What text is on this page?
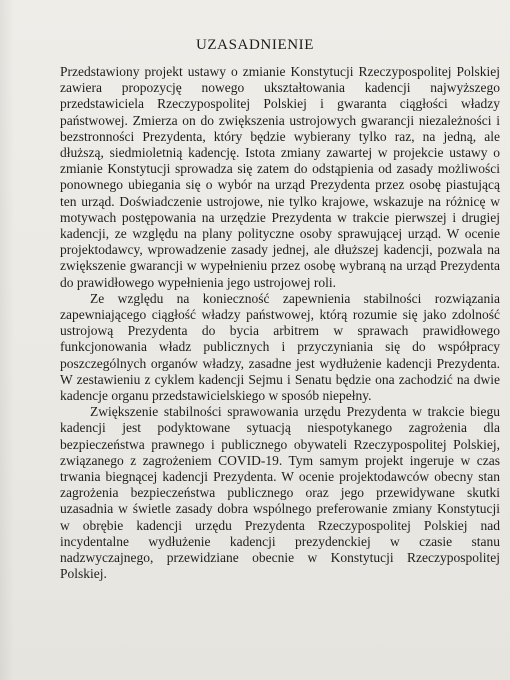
UZASADNIENIE

Przedstawiony projekt ustawy o zmianie Konstytucji Rzeczypospolitej Polskiej zawiera propozycję nowego ukształtowania kadencji najwyższego przedstawiciela Rzeczypospolitej Polskiej i gwaranta ciągłości władzy państwowej. Zmierza on do zwiększenia ustrojowych gwarancji niezależności i bezstronności Prezydenta, który będzie wybierany tylko raz, na jedną, ale dłuższą, siedmioletnią kadencję. Istota zmiany zawartej w projekcie ustawy o zmianie Konstytucji sprowadza się zatem do odstąpienia od zasady możliwości ponownego ubiegania się o wybór na urząd Prezydenta przez osobę piastującą ten urząd. Doświadczenie ustrojowe, nie tylko krajowe, wskazuje na różnicę w motywach postępowania na urzędzie Prezydenta w trakcie pierwszej i drugiej kadencji, ze względu na plany polityczne osoby sprawującej urząd. W ocenie projektodawcy, wprowadzenie zasady jednej, ale dłuższej kadencji, pozwala na zwiększenie gwarancji w wypełnieniu przez osobę wybraną na urząd Prezydenta do prawidłowego wypełnienia jego ustrojowej roli.

Ze względu na konieczność zapewnienia stabilności rozwiązania zapewniającego ciągłość władzy państwowej, którą rozumie się jako zdolność ustrojową Prezydenta do bycia arbitrem w sprawach prawidłowego funkcjonowania władz publicznych i przyczyniania się do współpracy poszczególnych organów władzy, zasadne jest wydłużenie kadencji Prezydenta. W zestawieniu z cyklem kadencji Sejmu i Senatu będzie ona zachodzić na dwie kadencje organu przedstawicielskiego w sposób niepełny.

Zwiększenie stabilności sprawowania urzędu Prezydenta w trakcie biegu kadencji jest podyktowane sytuacją niespotykanego zagrożenia dla bezpieczeństwa prawnego i publicznego obywateli Rzeczypospolitej Polskiej, związanego z zagrożeniem COVID-19. Tym samym projekt ingeruje w czas trwania biegnącej kadencji Prezydenta. W ocenie projektodawców obecny stan zagrożenia bezpieczeństwa publicznego oraz jego przewidywane skutki uzasadnia w świetle zasady dobra wspólnego preferowanie zmiany Konstytucji w obrębie kadencji urzędu Prezydenta Rzeczypospolitej Polskiej nad incydentalne wydłużenie kadencji prezydenckiej w czasie stanu nadzwyczajnego, przewidziane obecnie w Konstytucji Rzeczypospolitej Polskiej.
